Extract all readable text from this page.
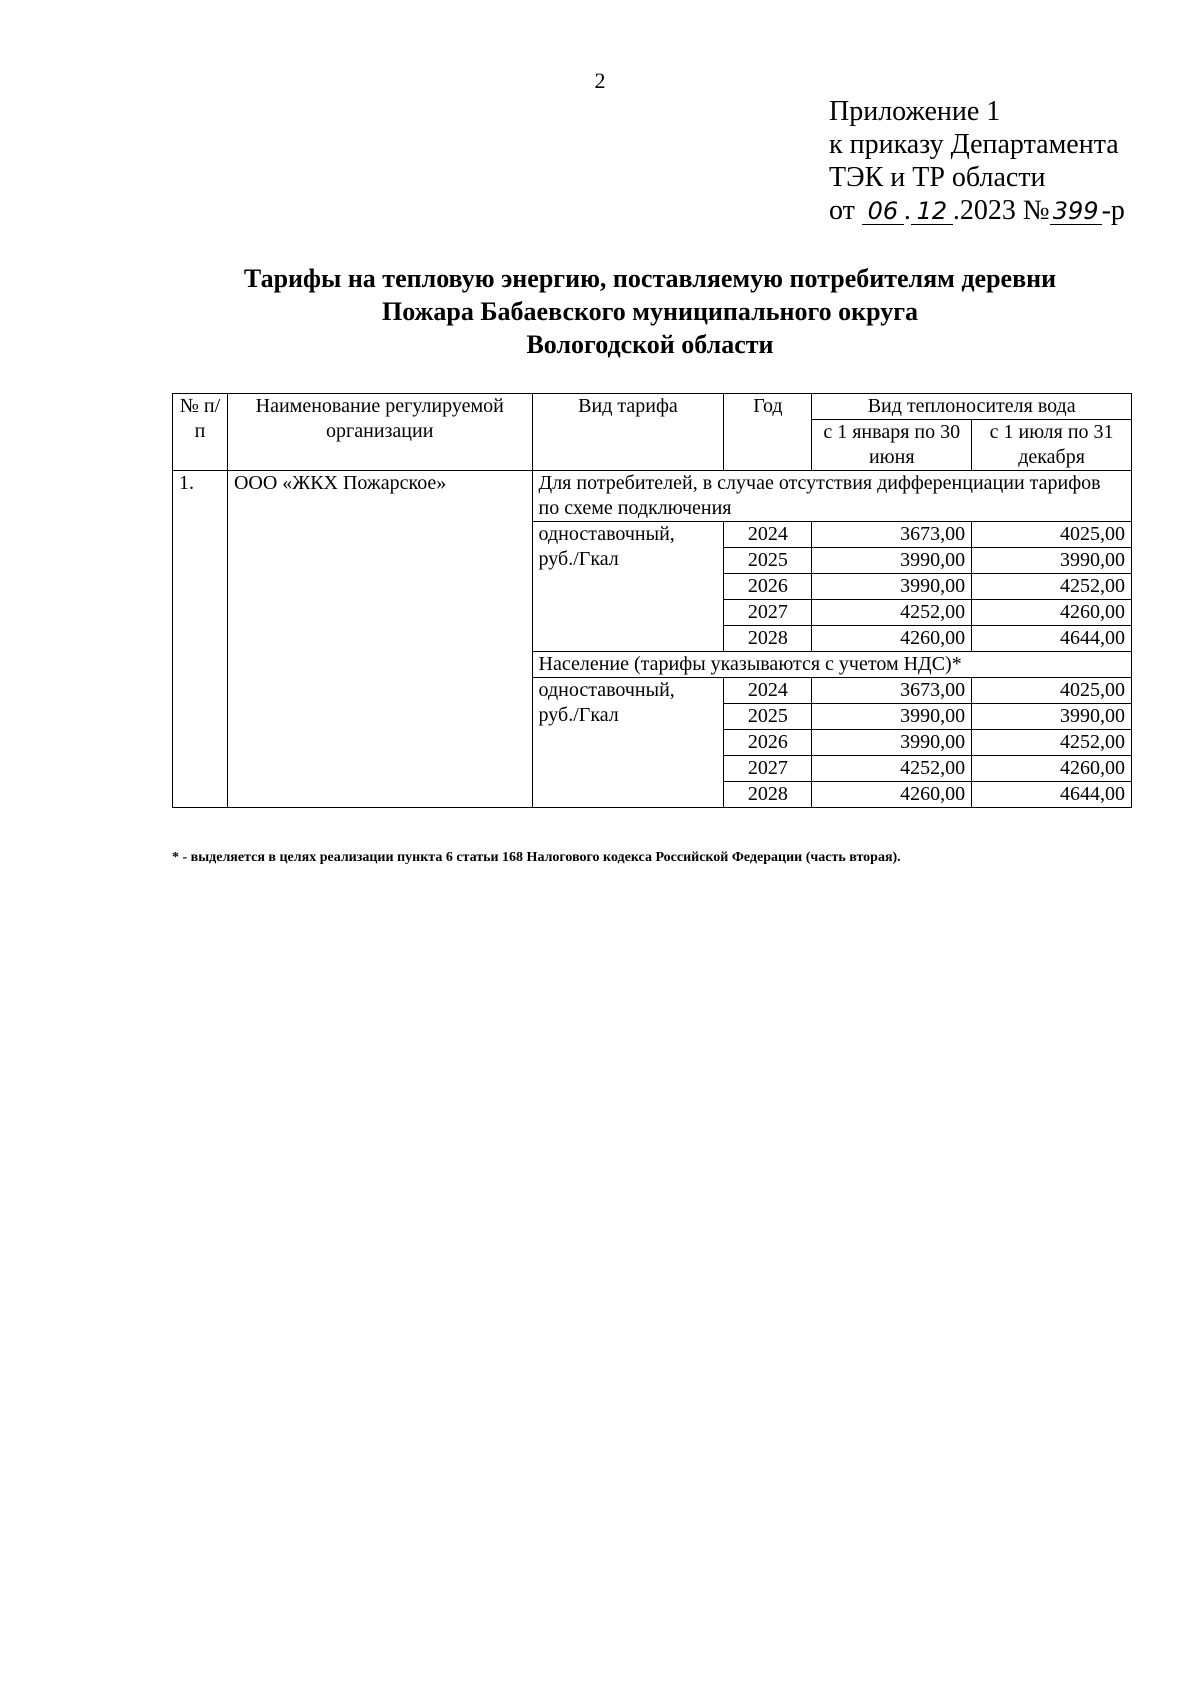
2
Приложение 1
к приказу Департамента
ТЭК и ТР области
от 06 . 12 .2023 № 399 -р
Тарифы на тепловую энергию, поставляемую потребителям деревни
Пожара Бабаевского муниципального округа
Вологодской области
№ п/п	Наименование регулируемой организации	Вид тарифа	Год	Вид теплоносителя вода	
				с 1 января по 30 июня	с 1 июля по 31 декабря
1.	ООО «ЖКХ Пожарское»	Для потребителей, в случае отсутствия дифференциации тарифов по схеме подключения			
		одноставочный, руб./Гкал	2024	3673,00	4025,00
			2025	3990,00	3990,00
			2026	3990,00	4252,00
			2027	4252,00	4260,00
			2028	4260,00	4644,00
		Население (тарифы указываются с учетом НДС)*			
		одноставочный, руб./Гкал	2024	3673,00	4025,00
			2025	3990,00	3990,00
			2026	3990,00	4252,00
			2027	4252,00	4260,00
			2028	4260,00	4644,00
* - выделяется в целях реализации пункта 6 статьи 168 Налогового кодекса Российской Федерации (часть вторая).
